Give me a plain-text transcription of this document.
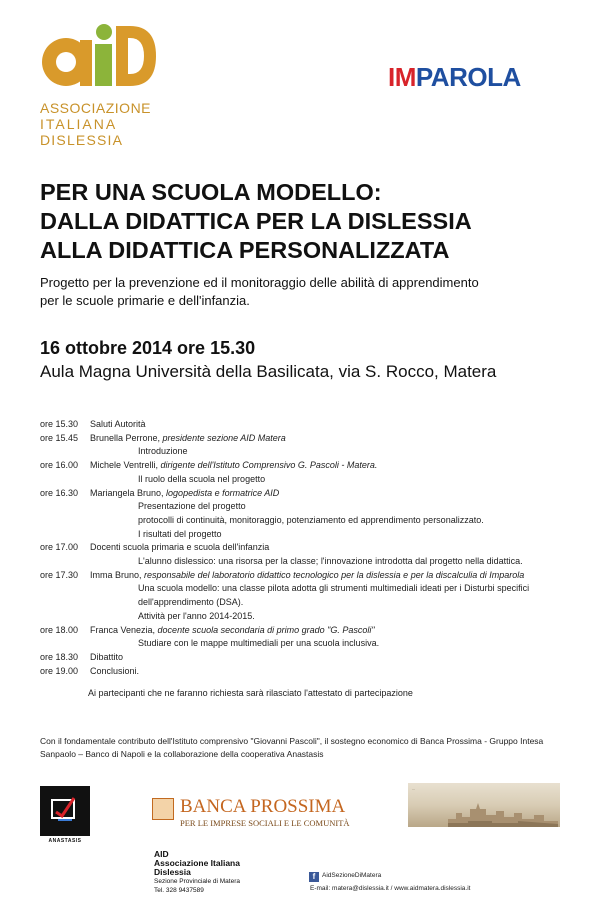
ASSOCIAZIONE
ITALIANA
DISLESSIA
IMPAROLA
PER UNA SCUOLA MODELLO:
DALLA DIDATTICA PER LA DISLESSIA
ALLA DIDATTICA PERSONALIZZATA
Progetto per la prevenzione ed il monitoraggio delle abilità di apprendimento
per le scuole primarie e dell'infanzia.
16 ottobre 2014 ore 15.30
Aula Magna Università della Basilicata, via S. Rocco, Matera
ore 15.30	Saluti Autorità
ore 15.45	Brunella Perrone, presidente sezione AID Matera
Introduzione
ore 16.00	Michele Ventrelli, dirigente dell'Istituto Comprensivo G. Pascoli - Matera.
Il ruolo della scuola nel progetto
ore 16.30	Mariangela Bruno, logopedista e formatrice AID
Presentazione del progetto
protocolli di continuità, monitoraggio, potenziamento ed apprendimento personalizzato.
I risultati del progetto
ore 17.00	Docenti scuola primaria e scuola dell'infanzia
L'alunno dislessico: una risorsa per la classe; l'innovazione introdotta dal progetto nella didattica.
ore 17.30	Imma Bruno, responsabile del laboratorio didattico tecnologico per la dislessia e per la discalculia di Imparola
Una scuola modello: una classe pilota adotta gli strumenti multimediali ideati per i Disturbi specifici
dell'apprendimento (DSA).
Attività per l'anno 2014-2015.
ore 18.00	Franca Venezia, docente scuola secondaria di primo grado "G. Pascoli"
Studiare con le mappe multimediali per una scuola inclusiva.
ore 18.30	Dibattito
ore 19.00	Conclusioni.
Ai partecipanti che ne faranno richiesta sarà rilasciato l'attestato di partecipazione
Con il fondamentale contributo dell'Istituto comprensivo "Giovanni Pascoli", il sostegno economico di Banca Prossima - Gruppo Intesa Sanpaolo – Banco di Napoli e la collaborazione della cooperativa Anastasis
ANASTASIS
BANCA PROSSIMA
PER LE IMPRESE SOCIALI E LE COMUNITÀ
...
AID
Associazione Italiana
Dislessia
Sezione Provinciale di Matera
Tel. 328 9437589
f	AidSezioneDiMatera
E-mail: matera@dislessia.it / www.aidmatera.dislessia.it
